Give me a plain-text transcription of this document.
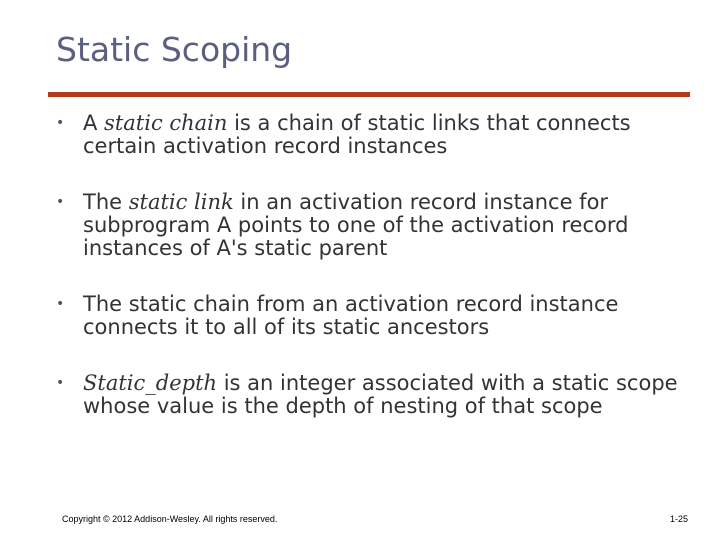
Static Scoping
• A static chain is a chain of static links that connects certain activation record instances
• The static link in an activation record instance for subprogram A points to one of the activation record instances of A's static parent
• The static chain from an activation record instance connects it to all of its static ancestors
• Static_depth is an integer associated with a static scope whose value is the depth of nesting of that scope
Copyright © 2012 Addison-Wesley. All rights reserved.	1-25
